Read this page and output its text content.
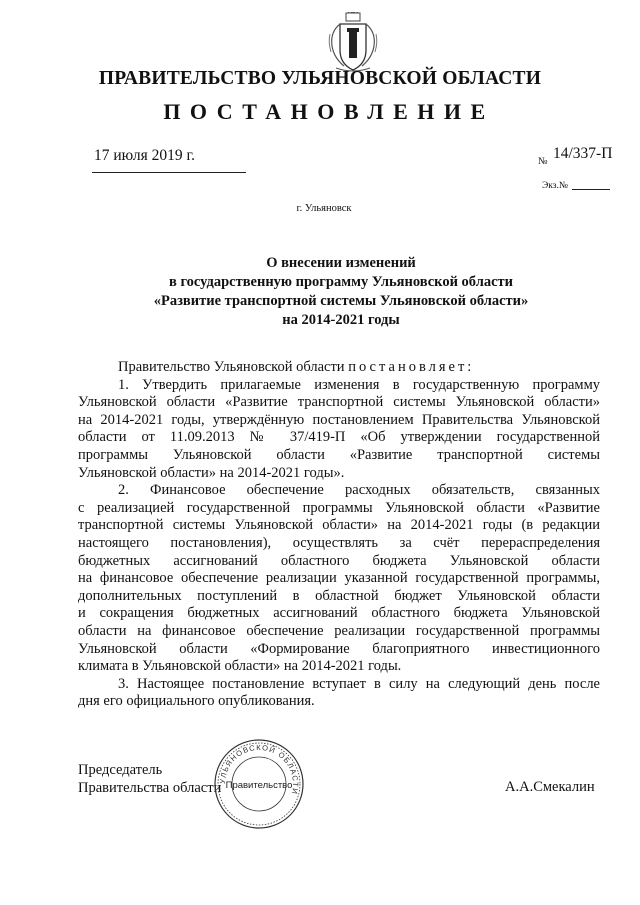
ПРАВИТЕЛЬСТВО УЛЬЯНОВСКОЙ ОБЛАСТИ
ПОСТАНОВЛЕНИЕ
17 июля 2019 г.	№ 14/337-П
Экз.№
г. Ульяновск
О внесении изменений
в государственную программу Ульяновской области
«Развитие транспортной системы Ульяновской области»
на 2014-2021 годы
Правительство Ульяновской области постановляет:
1. Утвердить прилагаемые изменения в государственную программу
Ульяновской области «Развитие транспортной системы Ульяновской области»
на 2014-2021 годы, утверждённую постановлением Правительства Ульяновской
области от 11.09.2013 № 37/419-П «Об утверждении государственной
программы Ульяновской области «Развитие транспортной системы
Ульяновской области» на 2014-2021 годы».
2. Финансовое обеспечение расходных обязательств, связанных
с реализацией государственной программы Ульяновской области «Развитие
транспортной системы Ульяновской области» на 2014-2021 годы (в редакции
настоящего постановления), осуществлять за счёт перераспределения
бюджетных ассигнований областного бюджета Ульяновской области
на финансовое обеспечение реализации указанной государственной программы,
дополнительных поступлений в областной бюджет Ульяновской области
и сокращения бюджетных ассигнований областного бюджета Ульяновской
области на финансовое обеспечение реализации государственной программы
Ульяновской области «Формирование благоприятного инвестиционного
климата в Ульяновской области» на 2014-2021 годы.
3. Настоящее постановление вступает в силу на следующий день после
дня его официального опубликования.
Председатель
Правительства области
УЛЬЯНОВСКОЙ ОБЛАСТИ
Правительство	А.А.Смекалин
